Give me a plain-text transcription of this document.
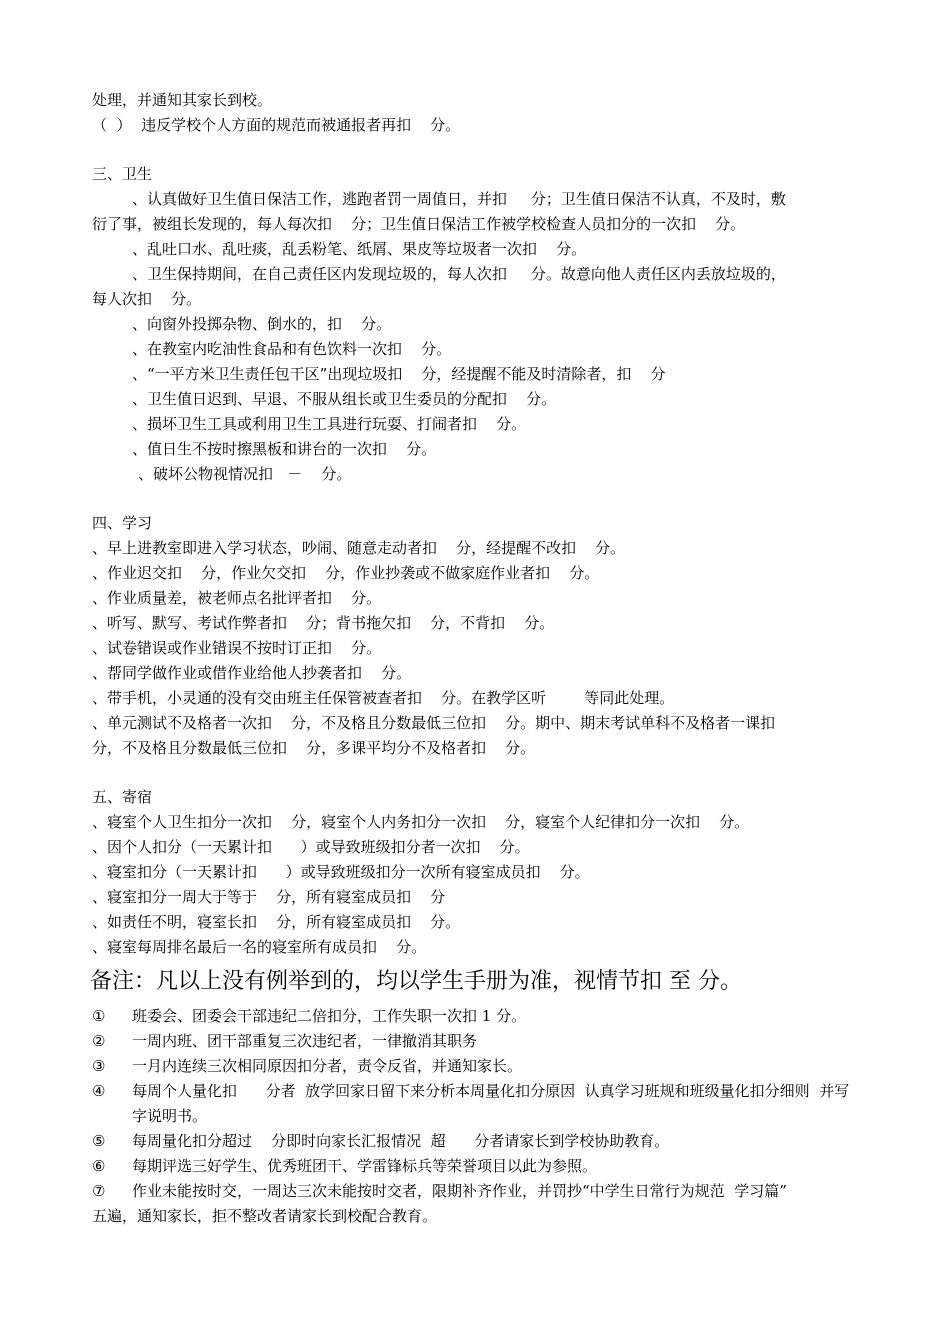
处理，并通知其家长到校。

（  ）  违反学校个人方面的规范而被通报者再扣    分。

三、卫生

、认真做好卫生值日保洁工作，逃跑者罚一周值日，并扣     分；卫生值日保洁不认真，不及时，敷

衍了事，被组长发现的，每人每次扣    分；卫生值日保洁工作被学校检查人员扣分的一次扣    分。

、乱吐口水、乱吐痰，乱丢粉笔、纸屑、果皮等垃圾者一次扣    分。

、卫生保持期间，在自己责任区内发现垃圾的，每人次扣     分。故意向他人责任区内丢放垃圾的，

每人次扣    分。

、向窗外投掷杂物、倒水的，扣    分。

、在教室内吃油性食品和有色饮料一次扣    分。

、“一平方米卫生责任包干区”出现垃圾扣    分，经提醒不能及时清除者，扣    分

、卫生值日迟到、早退、不服从组长或卫生委员的分配扣    分。

、损坏卫生工具或利用卫生工具进行玩耍、打闹者扣    分。

、值日生不按时擦黑板和讲台的一次扣    分。

、破坏公物视情况扣   －    分。

四、学习

、早上进教室即进入学习状态，吵闹、随意走动者扣    分，经提醒不改扣    分。

、作业迟交扣    分，作业欠交扣    分，作业抄袭或不做家庭作业者扣    分。

、作业质量差，被老师点名批评者扣    分。

、听写、默写、考试作弊者扣    分；背书拖欠扣    分，不背扣    分。

、试卷错误或作业错误不按时订正扣    分。

、帮同学做作业或借作业给他人抄袭者扣    分。

、带手机，小灵通的没有交由班主任保管被查者扣    分。在教学区听        等同此处理。

、单元测试不及格者一次扣    分，不及格且分数最低三位扣    分。期中、期末考试单科不及格者一课扣

分，不及格且分数最低三位扣    分，多课平均分不及格者扣    分。

五、寄宿

、寝室个人卫生扣分一次扣    分，寝室个人内务扣分一次扣    分，寝室个人纪律扣分一次扣    分。

、因个人扣分（一天累计扣      ）或导致班级扣分者一次扣    分。

、寝室扣分（一天累计扣      ）或导致班级扣分一次所有寝室成员扣    分。

、寝室扣分一周大于等于    分，所有寝室成员扣    分

、如责任不明，寝室长扣    分，所有寝室成员扣    分。

、寝室每周排名最后一名的寝室所有成员扣    分。

备注：凡以上没有例举到的，均以学生手册为准，视情节扣 至 分。

①	班委会、团委会干部违纪二倍扣分，工作失职一次扣 1 分。
②	一周内班、团干部重复三次违纪者，一律撤消其职务
③	一月内连续三次相同原因扣分者，责令反省，并通知家长。
④	每周个人量化扣      分者  放学回家日留下来分析本周量化扣分原因  认真学习班规和班级量化扣分细则  并写        字说明书。
⑤	每周量化扣分超过    分即时向家长汇报情况  超      分者请家长到学校协助教育。
⑥	每期评选三好学生、优秀班团干、学雷锋标兵等荣誉项目以此为参照。
⑦	作业未能按时交，一周达三次未能按时交者，限期补齐作业，并罚抄“中学生日常行为规范  学习篇”

五遍，通知家长，拒不整改者请家长到校配合教育。
